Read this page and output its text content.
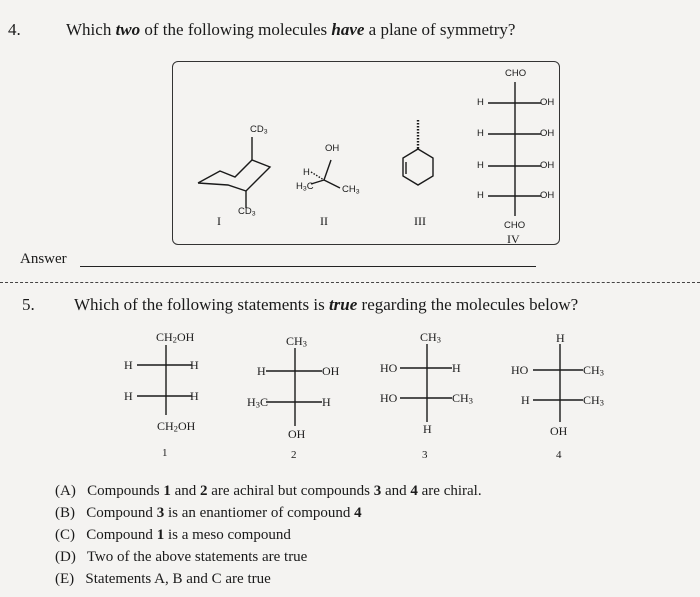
4.	Which two of the following molecules have a plane of symmetry?
$CD_3$
$CD_3$
I
OH
H
$H_3C$	$CH_3$
II	III
CHO
H
H
H
H
OH
OH
OH
OH
CHO
IV
Answer
5. Which of the following statements is true regarding the molecules below?
$CH_2OH$
H
H
H
H
$CH_2OH$
1
$CH_3$
H
$H_3C$
OH
H
OH
2
$CH_3$
HO
HO
H
$CH_3$
H
3
H
HO
H
$CH_3$
$CH_3$
OH
4
(A) Compounds 1 and 2 are achiral but compounds 3 and 4 are chiral.
(B) Compound 3 is an enantiomer of compound 4
(C) Compound 1 is a meso compound
(D) Two of the above statements are true
(E) Statements A, B and C are true
